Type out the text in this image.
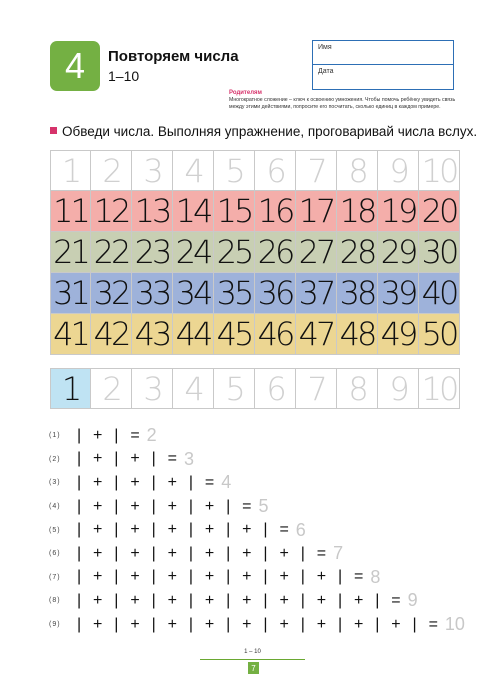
4 Повторяем числа
1–10
Имя
Дата
Родителям
Многократное сложение – ключ к освоению умножения. Чтобы помочь ребёнку увидеть связь между этими действиями, попросите его посчитать, сколько единиц в каждом примере.
Обведи числа. Выполняя упражнение, проговаривай числа вслух.
1 2 3 4 5 6 7 8 9 10
11 12 13 14 15 16 17 18 19 20
21 22 23 24 25 26 27 28 29 30
31 32 33 34 35 36 37 38 39 40
41 42 43 44 45 46 47 48 49 50
1 2 3 4 5 6 7 8 9 10
(1)	|  +  |  = 2
(2)	|  +  |  +  |  = 3
(3)	|  +  |  +  |  +  |  = 4
(4)	|  +  |  +  |  +  |  +  |  = 5
(5)	|  +  |  +  |  +  |  +  |  +  |  = 6
(6)	|  +  |  +  |  +  |  +  |  +  |  +  |  = 7
(7)	|  +  |  +  |  +  |  +  |  +  |  +  |  +  |  = 8
(8)	|  +  |  +  |  +  |  +  |  +  |  +  |  +  |  +  |  = 9
(9)	|  +  |  +  |  +  |  +  |  +  |  +  |  +  |  +  |  +  |  = 10
1 – 10
7
